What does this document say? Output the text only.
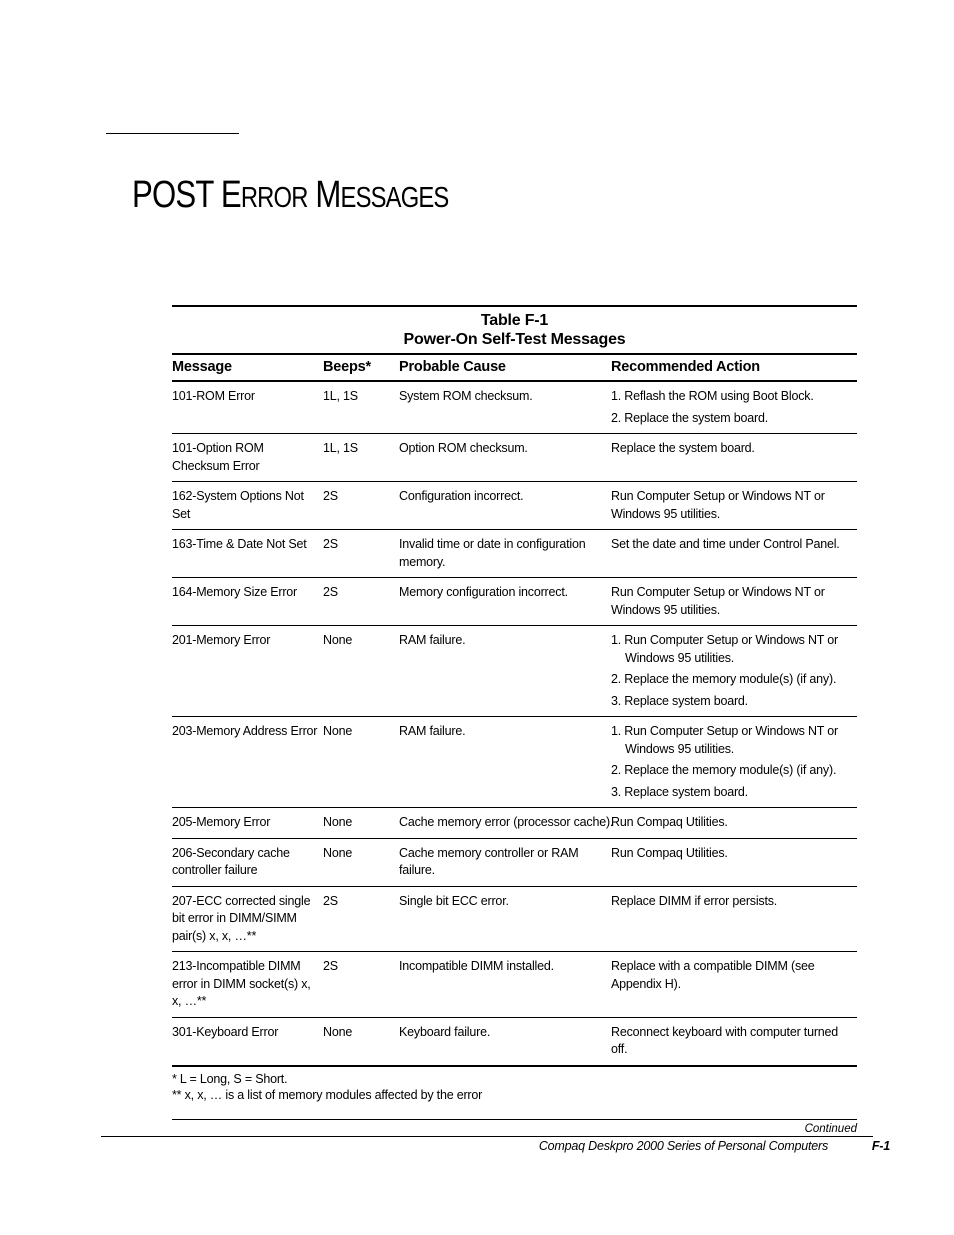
POST ERROR MESSAGES
Table F-1
Power-On Self-Test Messages
Message	Beeps*	Probable Cause	Recommended Action
101-ROM Error	1L, 1S	System ROM checksum.	1. Reflash the ROM using Boot Block.
2. Replace the system board.

101-Option ROM Checksum Error	1L, 1S	Option ROM checksum.	Replace the system board.

162-System Options Not Set	2S	Configuration incorrect.	Run Computer Setup or Windows NT or Windows 95 utilities.

163-Time & Date Not Set	2S	Invalid time or date in configuration memory.	Set the date and time under Control Panel.

164-Memory Size Error	2S	Memory configuration incorrect.	Run Computer Setup or Windows NT or Windows 95 utilities.

201-Memory Error	None	RAM failure.	1. Run Computer Setup or Windows NT or Windows 95 utilities.
2. Replace the memory module(s) (if any).
3. Replace system board.

203-Memory Address Error	None	RAM failure.	1. Run Computer Setup or Windows NT or Windows 95 utilities.
2. Replace the memory module(s) (if any).
3. Replace system board.

205-Memory Error	None	Cache memory error (processor cache).	Run Compaq Utilities.

206-Secondary cache controller failure	None	Cache memory controller or RAM failure.	Run Compaq Utilities.

207-ECC corrected single bit error in DIMM/SIMM pair(s) x, x, …**	2S	Single bit ECC error.	Replace DIMM if error persists.

213-Incompatible DIMM error in DIMM socket(s) x, x, …**	2S	Incompatible DIMM installed.	Replace with a compatible DIMM (see Appendix H).

301-Keyboard Error	None	Keyboard failure.	Reconnect keyboard with computer turned off.
* L = Long, S = Short.
** x, x, … is a list of memory modules affected by the error
Continued
Compaq Deskpro 2000 Series of Personal Computers	F-1
